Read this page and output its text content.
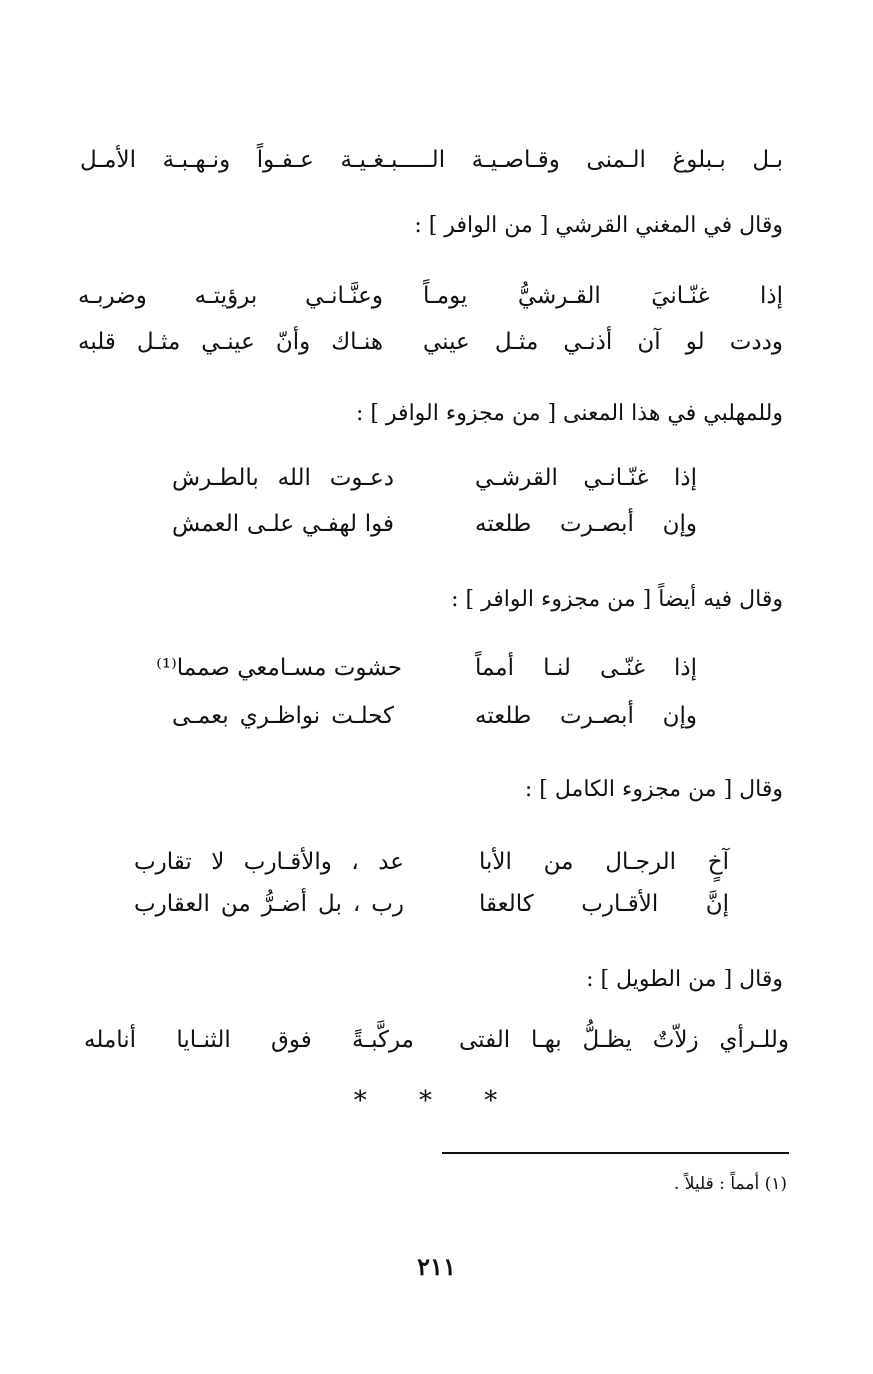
بـل بـبلوغ الـمنى وقـاصـيـة الـــــبـغـيـة عـفـواً ونـهـبـة الأمـل
وقال في المغني القرشي [ من الوافر ] :
إذا غنّـانيَ القـرشيُّ يومـاً
وعنَّـانـي برؤيتـه وضربـه
وددت لو آن أذنـي مثـل عيني
هنـاك وأنّ عينـي مثـل قلبه
وللمهلبي في هذا المعنى [ من مجزوء الوافر ] :
إذا غنّـانـي القرشـي
دعـوت الله بالطـرش
وإن أبصـرت طلعته
فوا لهفـي علـى العمش
وقال فيه أيضاً [ من مجزوء الوافر ] :
إذا غنّـى لنـا أمماً
حشوت مسـامعي صمما⁽¹⁾
وإن أبصـرت طلعته
كحلـت نواظـري بعمـى
وقال [ من مجزوء الكامل ] :
آخٍ الرجـال من الأبا
عد ، والأقـارب لا تقارب
إنَّ الأقـارب كالعقا
رب ، بل أضـرُّ من العقارب
وقال [ من الطويل ] :
وللـرأي زلاّتٌ يظـلُّ بهـا الفتى
مركَّبـةً فوق الثنـايا أنامله
* * *
(١) أمماً : قليلاً .
٢١١
